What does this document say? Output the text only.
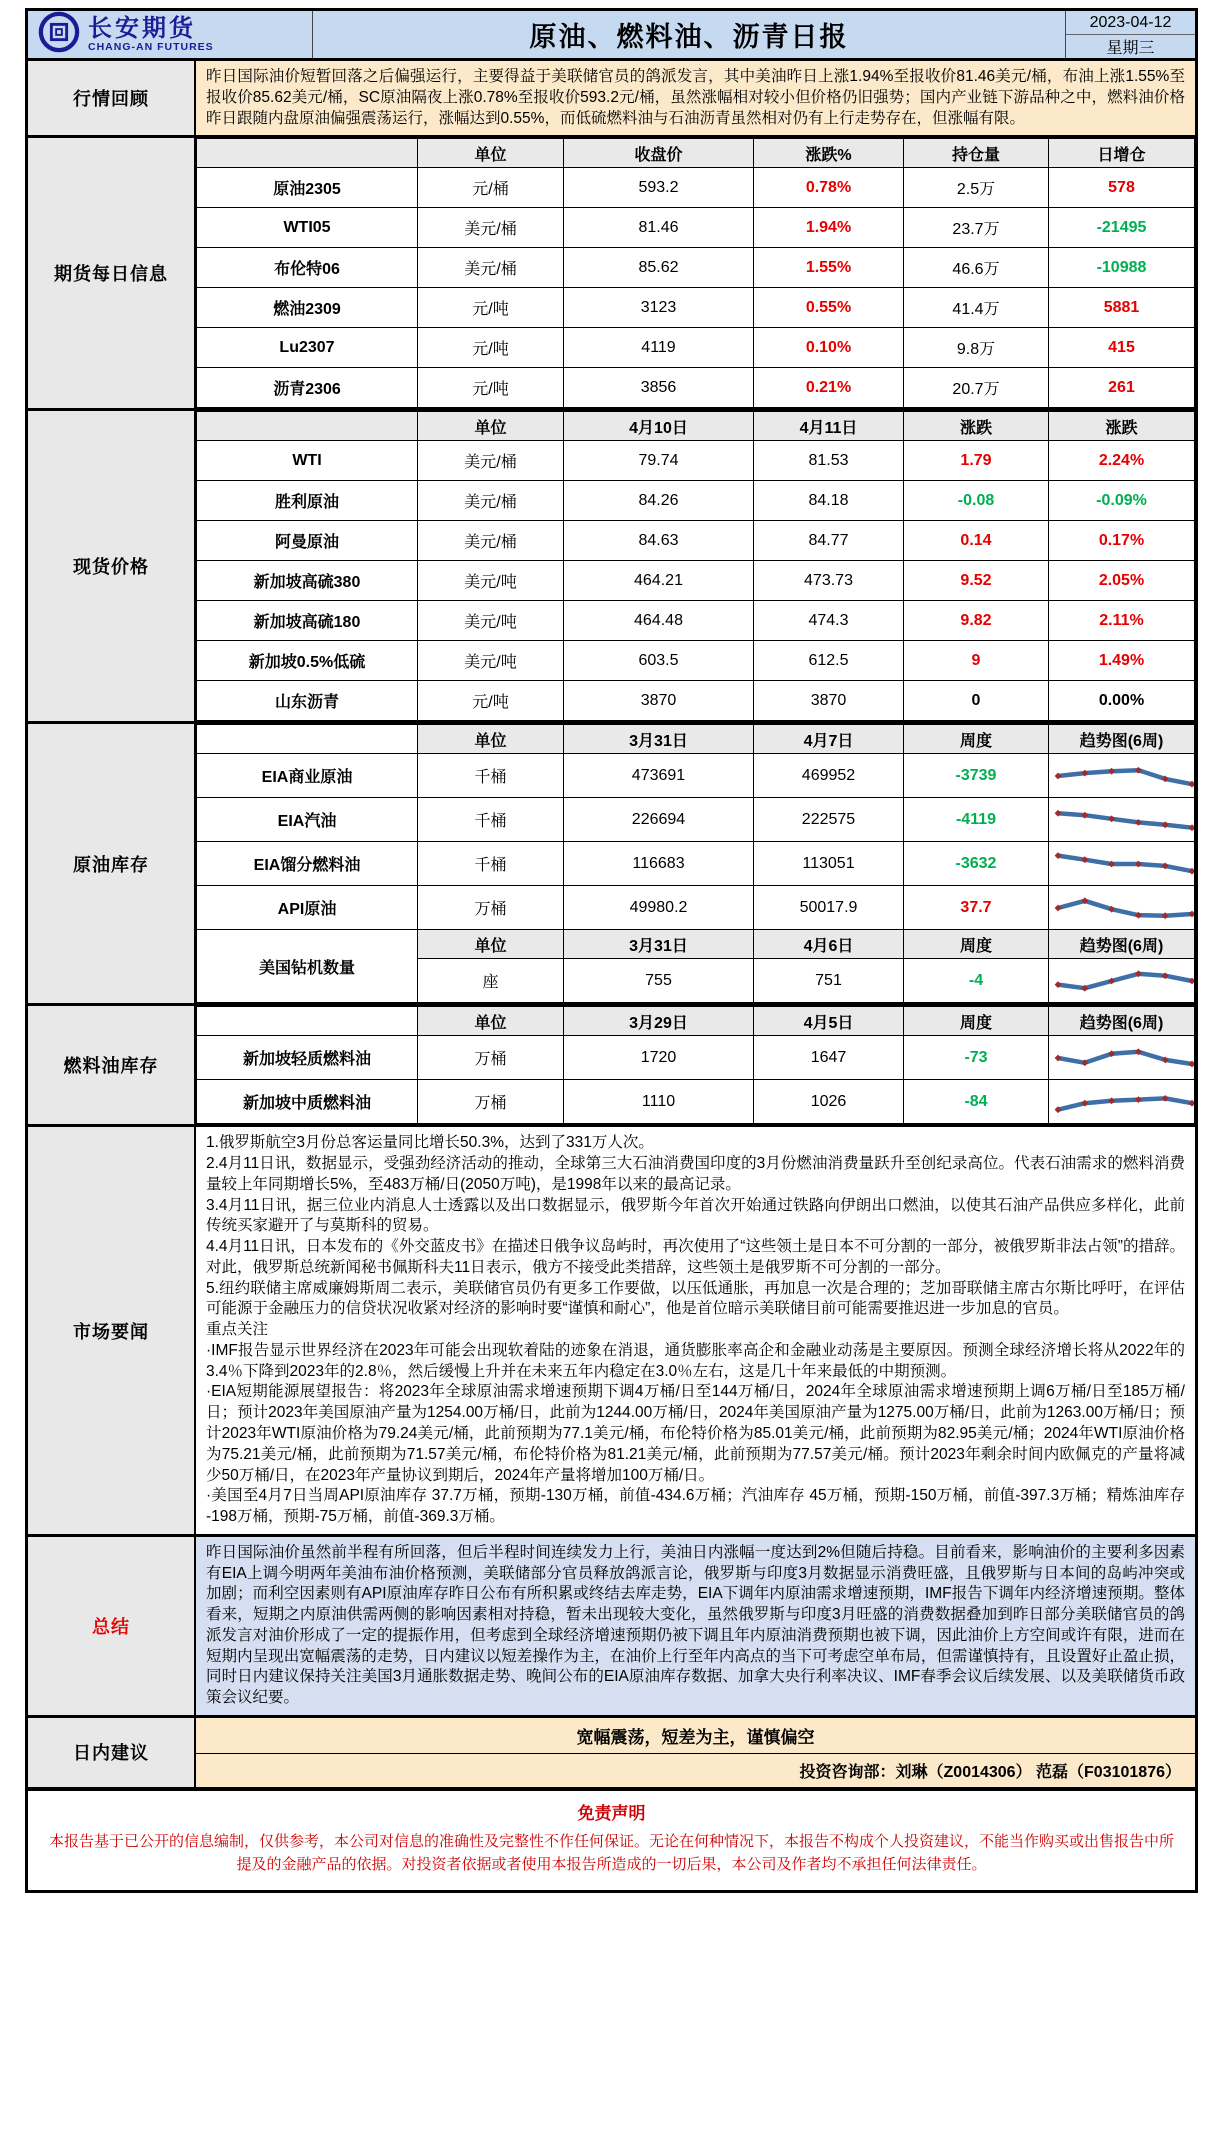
长安期货
CHANG-AN FUTURES	原油、燃料油、沥青日报	2023-04-12
星期三
行情回顾
昨日国际油价短暂回落之后偏强运行，主要得益于美联储官员的鸽派发言，其中美油昨日上涨1.94%至报收价81.46美元/桶，布油上涨1.55%至报收价85.62美元/桶，SC原油隔夜上涨0.78%至报收价593.2元/桶，虽然涨幅相对较小但价格仍旧强势；国内产业链下游品种之中，燃料油价格昨日跟随内盘原油偏强震荡运行，涨幅达到0.55%，而低硫燃料油与石油沥青虽然相对仍有上行走势存在，但涨幅有限。
期货每日信息
	单位	收盘价	涨跌%	持仓量	日增仓
原油2305	元/桶	593.2	0.78%	2.5万	578
WTI05	美元/桶	81.46	1.94%	23.7万	-21495
布伦特06	美元/桶	85.62	1.55%	46.6万	-10988
燃油2309	元/吨	3123	0.55%	41.4万	5881
Lu2307	元/吨	4119	0.10%	9.8万	415
沥青2306	元/吨	3856	0.21%	20.7万	261
现货价格
	单位	4月10日	4月11日	涨跌	涨跌
WTI	美元/桶	79.74	81.53	1.79	2.24%
胜利原油	美元/桶	84.26	84.18	-0.08	-0.09%
阿曼原油	美元/桶	84.63	84.77	0.14	0.17%
新加坡高硫380	美元/吨	464.21	473.73	9.52	2.05%
新加坡高硫180	美元/吨	464.48	474.3	9.82	2.11%
新加坡0.5%低硫	美元/吨	603.5	612.5	9	1.49%
山东沥青	元/吨	3870	3870	0	0.00%
原油库存
	单位	3月31日	4月7日	周度	趋势图(6周)
EIA商业原油	千桶	473691	469952	-3739	

EIA汽油	千桶	226694	222575	-4119	

EIA馏分燃料油	千桶	116683	113051	-3632	

API原油	万桶	49980.2	50017.9	37.7	

美国钻机数量	单位	3月31日	4月6日	周度	趋势图(6周)
	座	755	751	-4	
燃料油库存
	单位	3月29日	4月5日	周度	趋势图(6周)
新加坡轻质燃料油	万桶	1720	1647	-73	

新加坡中质燃料油	万桶	1110	1026	-84	
市场要闻

1.俄罗斯航空3月份总客运量同比增长50.3%，达到了331万人次。

2.4月11日讯，数据显示，受强劲经济活动的推动，全球第三大石油消费国印度的3月份燃油消费量跃升至创纪录高位。代表石油需求的燃料消费量较上年同期增长5%，至483万桶/日(2050万吨)，是1998年以来的最高记录。

3.4月11日讯，据三位业内消息人士透露以及出口数据显示，俄罗斯今年首次开始通过铁路向伊朗出口燃油，以使其石油产品供应多样化，此前传统买家避开了与莫斯科的贸易。

4.4月11日讯，日本发布的《外交蓝皮书》在描述日俄争议岛屿时，再次使用了“这些领土是日本不可分割的一部分，被俄罗斯非法占领”的措辞。对此，俄罗斯总统新闻秘书佩斯科夫11日表示，俄方不接受此类措辞，这些领土是俄罗斯不可分割的一部分。

5.纽约联储主席威廉姆斯周二表示，美联储官员仍有更多工作要做，以压低通胀，再加息一次是合理的；芝加哥联储主席古尔斯比呼吁，在评估可能源于金融压力的信贷状况收紧对经济的影响时要“谨慎和耐心”，他是首位暗示美联储目前可能需要推迟进一步加息的官员。

重点关注

·IMF报告显示世界经济在2023年可能会出现软着陆的迹象在消退，通货膨胀率高企和金融业动荡是主要原因。预测全球经济增长将从2022年的3.4％下降到2023年的2.8％，然后缓慢上升并在未来五年内稳定在3.0％左右，这是几十年来最低的中期预测。

·EIA短期能源展望报告：将2023年全球原油需求增速预期下调4万桶/日至144万桶/日，2024年全球原油需求增速预期上调6万桶/日至185万桶/日；预计2023年美国原油产量为1254.00万桶/日，此前为1244.00万桶/日，2024年美国原油产量为1275.00万桶/日，此前为1263.00万桶/日；预计2023年WTI原油价格为79.24美元/桶，此前预期为77.1美元/桶，布伦特价格为85.01美元/桶，此前预期为82.95美元/桶；2024年WTI原油价格为75.21美元/桶，此前预期为71.57美元/桶，布伦特价格为81.21美元/桶，此前预期为77.57美元/桶。预计2023年剩余时间内欧佩克的产量将减少50万桶/日，在2023年产量协议到期后，2024年产量将增加100万桶/日。

·美国至4月7日当周API原油库存 37.7万桶，预期-130万桶，前值-434.6万桶；汽油库存 45万桶，预期-150万桶，前值-397.3万桶；精炼油库存 -198万桶，预期-75万桶，前值-369.3万桶。

总结
昨日国际油价虽然前半程有所回落，但后半程时间连续发力上行，美油日内涨幅一度达到2%但随后持稳。目前看来，影响油价的主要利多因素有EIA上调今明两年美油布油价格预测，美联储部分官员释放鸽派言论，俄罗斯与印度3月数据显示消费旺盛，且俄罗斯与日本间的岛屿冲突或加剧；而利空因素则有API原油库存昨日公布有所积累或终结去库走势，EIA下调年内原油需求增速预期，IMF报告下调年内经济增速预期。整体看来，短期之内原油供需两侧的影响因素相对持稳，暂未出现较大变化，虽然俄罗斯与印度3月旺盛的消费数据叠加到昨日部分美联储官员的鸽派发言对油价形成了一定的提振作用，但考虑到全球经济增速预期仍被下调且年内原油消费预期也被下调，因此油价上方空间或许有限，进而在短期内呈现出宽幅震荡的走势，日内建议以短差操作为主，在油价上行至年内高点的当下可考虑空单布局，但需谨慎持有，且设置好止盈止损，同时日内建议保持关注美国3月通胀数据走势、晚间公布的EIA原油库存数据、加拿大央行利率决议、IMF春季会议后续发展、以及美联储货币政策会议纪要。
日内建议
宽幅震荡，短差为主，谨慎偏空
投资咨询部：刘琳（Z0014306） 范磊（F03101876）
免责声明
本报告基于已公开的信息编制，仅供参考，本公司对信息的准确性及完整性不作任何保证。无论在何种情况下，本报告不构成个人投资建议，不能当作购买或出售报告中所提及的金融产品的依据。对投资者依据或者使用本报告所造成的一切后果，本公司及作者均不承担任何法律责任。
